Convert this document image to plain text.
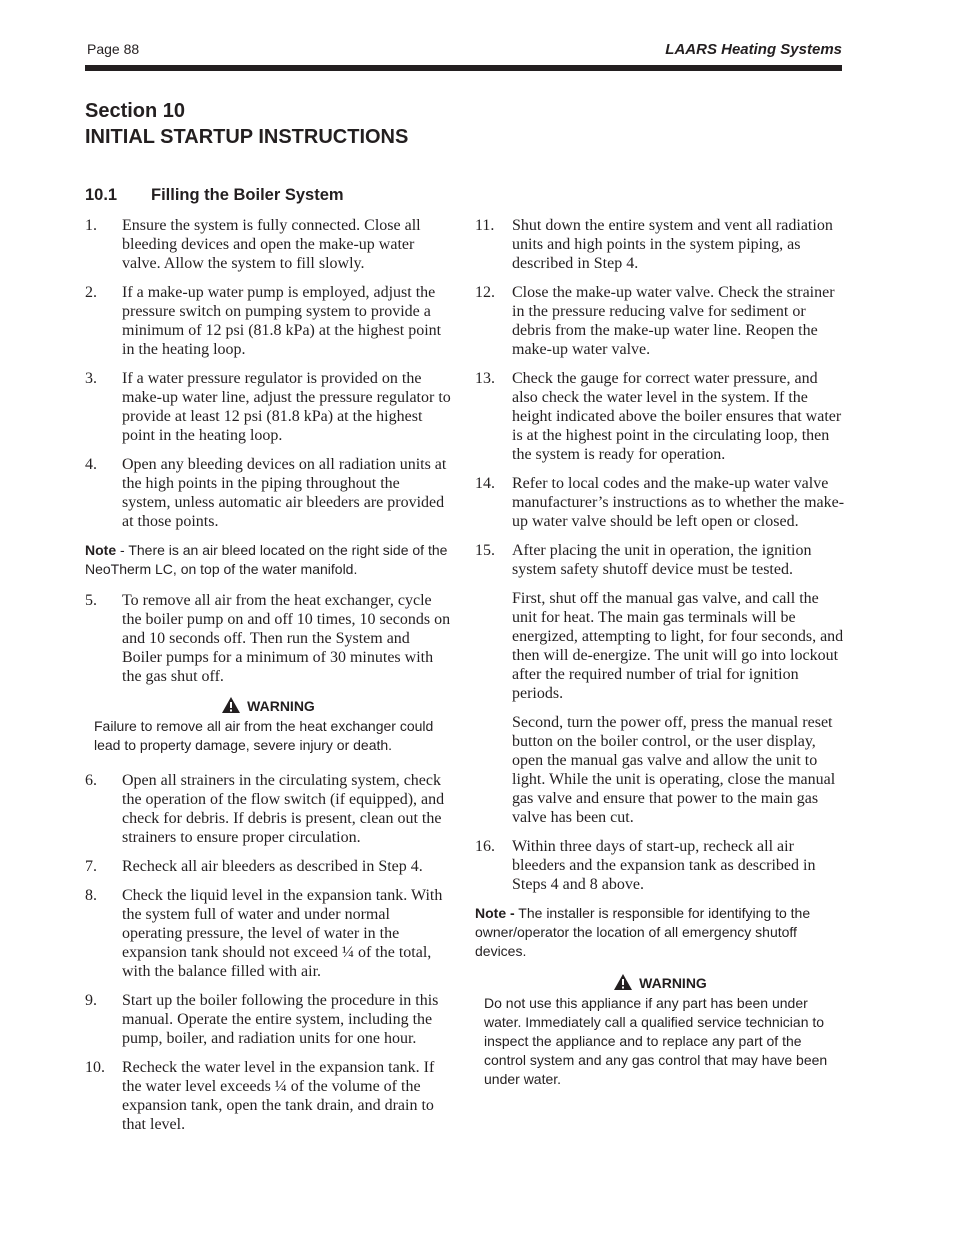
Page 88	LAARS Heating Systems
Section 10
INITIAL STARTUP INSTRUCTIONS
10.1 Filling the Boiler System
1. Ensure the system is fully connected. Close all bleeding devices and open the make-up water valve. Allow the system to fill slowly.
2. If a make-up water pump is employed, adjust the pressure switch on pumping system to provide a minimum of 12 psi (81.8 kPa) at the highest point in the heating loop.
3. If a water pressure regulator is provided on the make-up water line, adjust the pressure regulator to provide at least 12 psi (81.8 kPa) at the highest point in the heating loop.
4. Open any bleeding devices on all radiation units at the high points in the piping throughout the system, unless automatic air bleeders are provided at those points.
Note - There is an air bleed located on the right side of the NeoTherm LC, on top of the water manifold.
5. To remove all air from the heat exchanger, cycle the boiler pump on and off 10 times, 10 seconds on and 10 seconds off. Then run the System and Boiler pumps for a minimum of 30 minutes with the gas shut off.
WARNING
Failure to remove all air from the heat exchanger could lead to property damage, severe injury or death.
6. Open all strainers in the circulating system, check the operation of the flow switch (if equipped), and check for debris. If debris is present, clean out the strainers to ensure proper circulation.
7. Recheck all air bleeders as described in Step 4.
8. Check the liquid level in the expansion tank. With the system full of water and under normal operating pressure, the level of water in the expansion tank should not exceed ¼ of the total, with the balance filled with air.
9. Start up the boiler following the procedure in this manual. Operate the entire system, including the pump, boiler, and radiation units for one hour.
10. Recheck the water level in the expansion tank. If the water level exceeds ¼ of the volume of the expansion tank, open the tank drain, and drain to that level.
11. Shut down the entire system and vent all radiation units and high points in the system piping, as described in Step 4.
12. Close the make-up water valve. Check the strainer in the pressure reducing valve for sediment or debris from the make-up water line. Reopen the make-up water valve.
13. Check the gauge for correct water pressure, and also check the water level in the system. If the height indicated above the boiler ensures that water is at the highest point in the circulating loop, then the system is ready for operation.
14. Refer to local codes and the make-up water valve manufacturer’s instructions as to whether the make-up water valve should be left open or closed.
15. After placing the unit in operation, the ignition system safety shutoff device must be tested.
First, shut off the manual gas valve, and call the unit for heat. The main gas terminals will be energized, attempting to light, for four seconds, and then will de-energize. The unit will go into lockout after the required number of trial for ignition periods.
Second, turn the power off, press the manual reset button on the boiler control, or the user display, open the manual gas valve and allow the unit to light. While the unit is operating, close the manual gas valve and ensure that power to the main gas valve has been cut.
16. Within three days of start-up, recheck all air bleeders and the expansion tank as described in Steps 4 and 8 above.
Note - The installer is responsible for identifying to the owner/operator the location of all emergency shutoff devices.
WARNING
Do not use this appliance if any part has been under water. Immediately call a qualified service technician to inspect the appliance and to replace any part of the control system and any gas control that may have been under water.
